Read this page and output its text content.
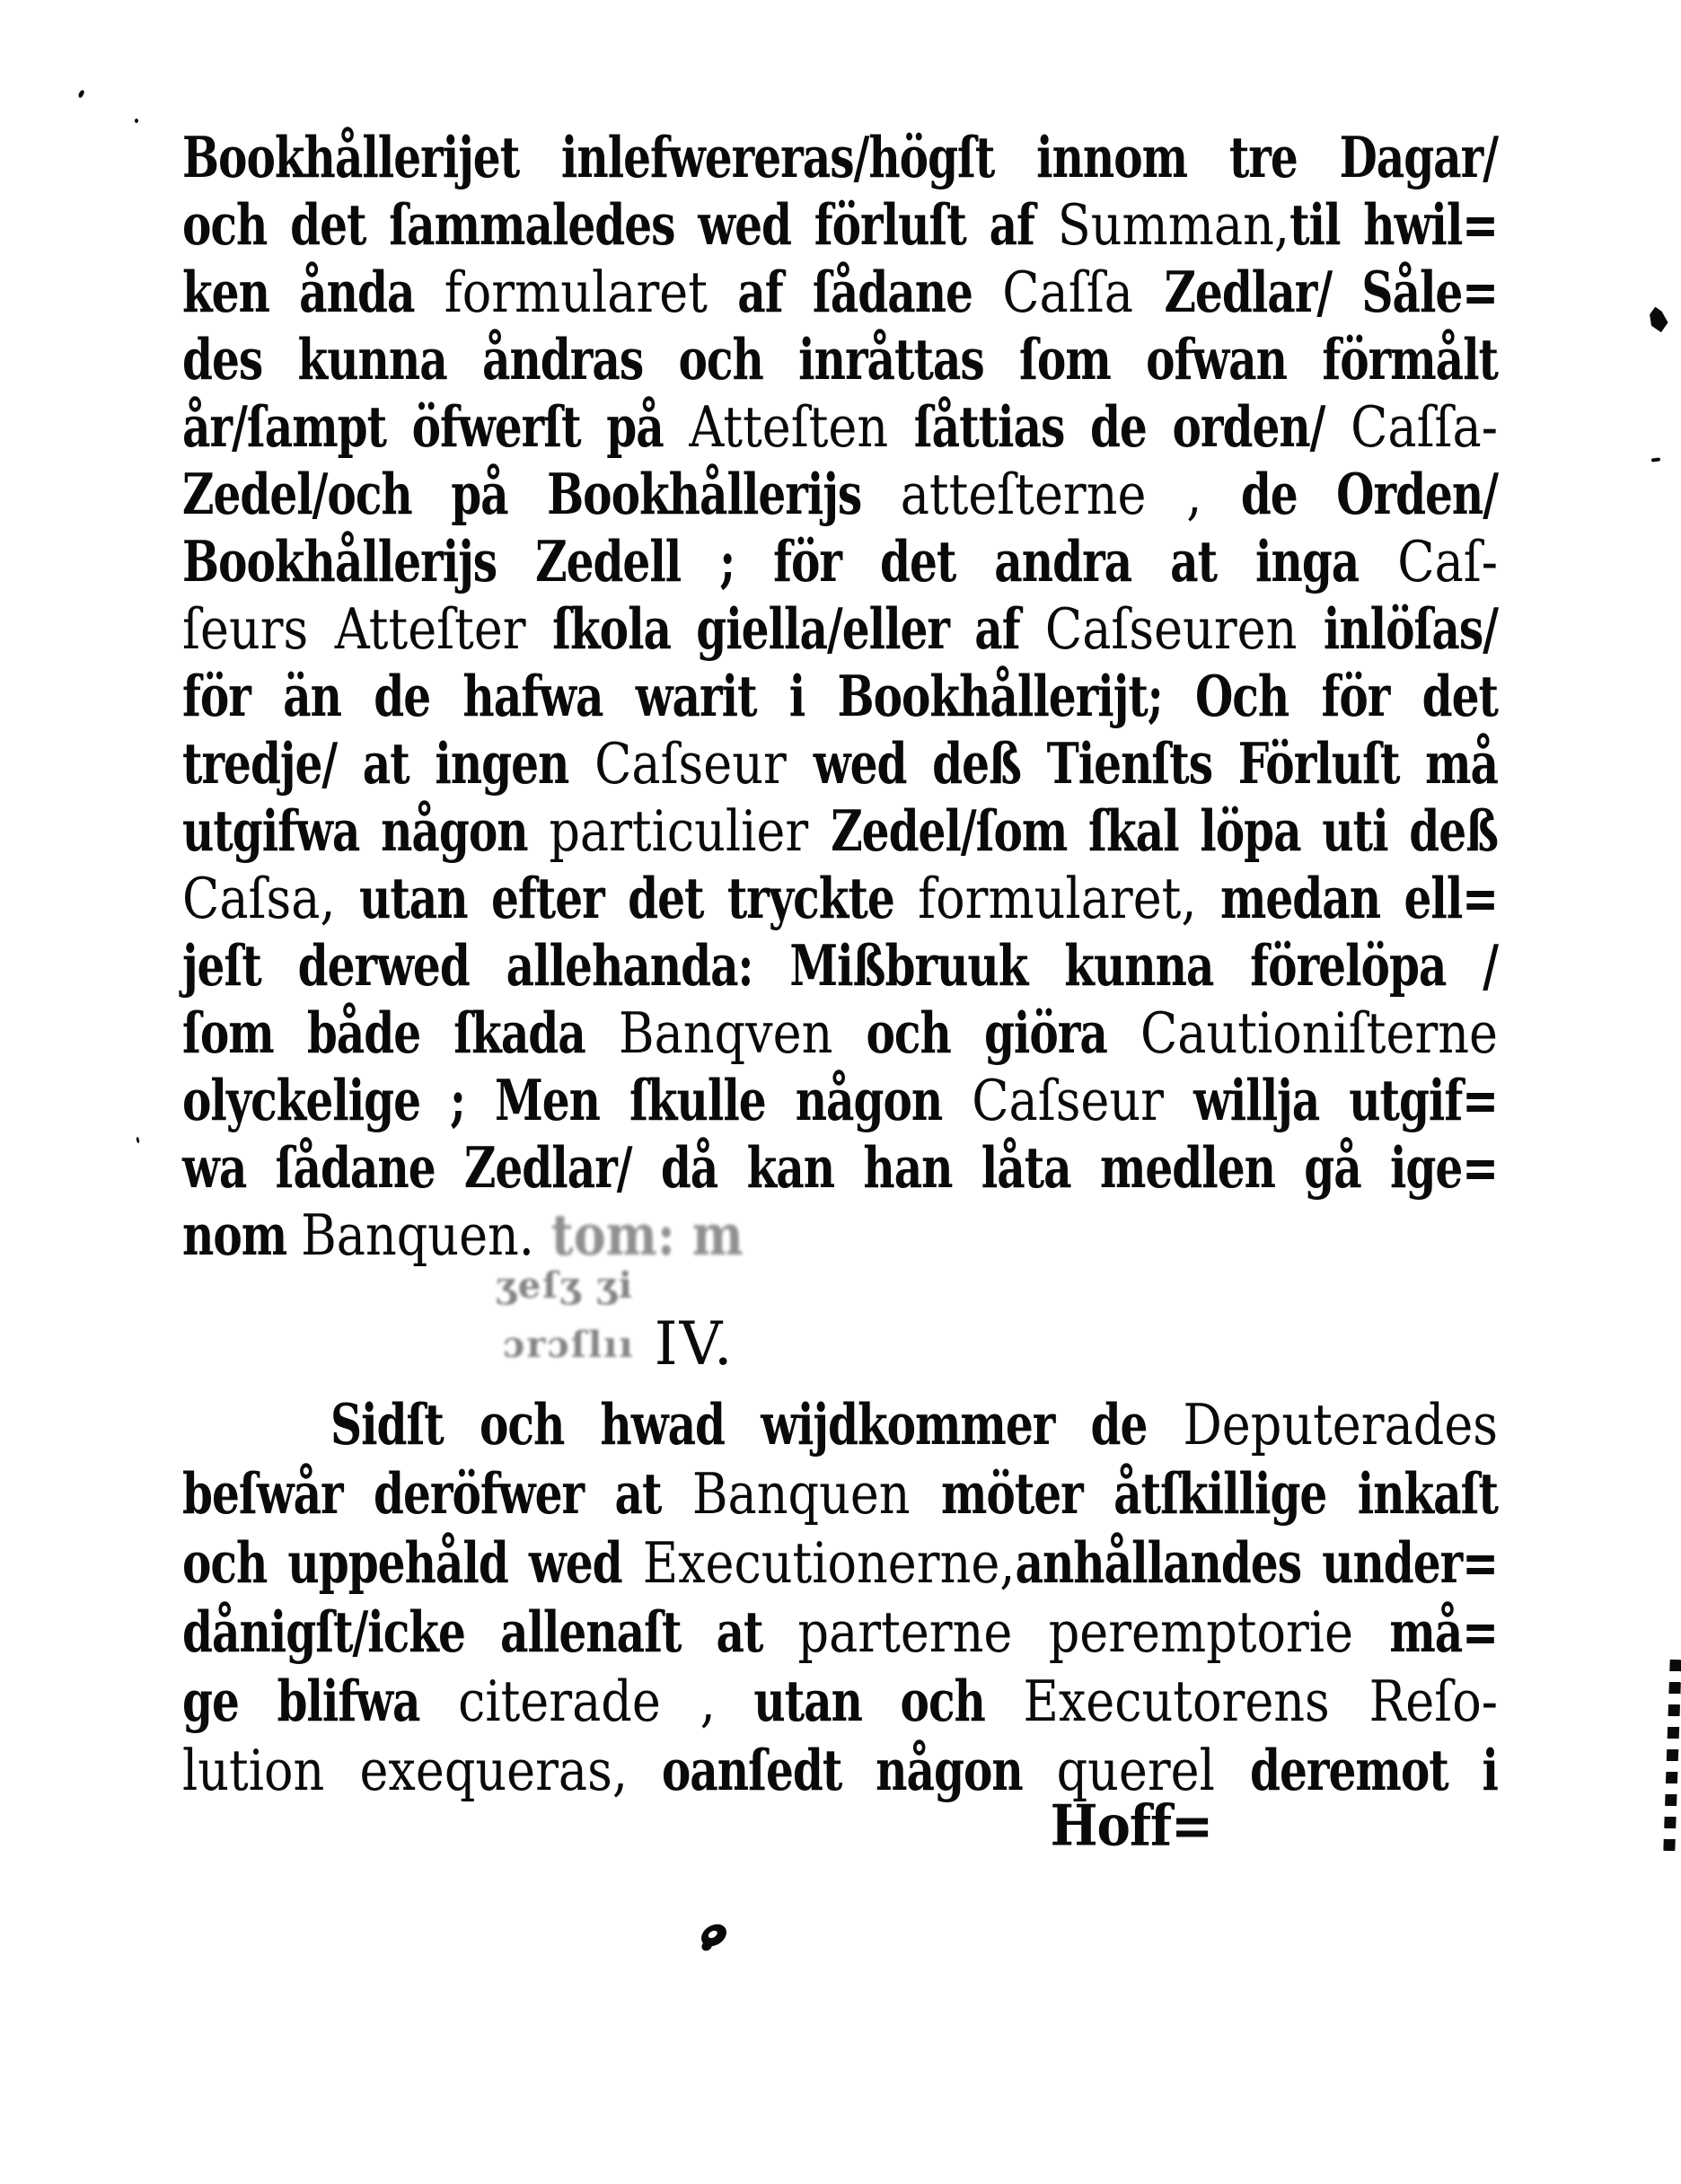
Bookhållerijet inlefwereras/högſt innom tre Dagar/
och det ſammaledes wed förluſt af Summan,til hwil=
ken ånda formularet af ſådane Caſſa Zedlar/ Såle=
des kunna åndras och inråttas ſom ofwan förmålt
år/ſampt öfwerſt på Atteſten ſåttias de orden/ Caſſa-
Zedel/och på Bookhållerijs atteſterne , de Orden/
Bookhållerijs Zedell ; för det andra at inga Caſ-
ſeurs Atteſter ſkola giella/eller af Caſseuren inlöſas/
för än de hafwa warit i Bookhållerijt; Och för det
tredje/ at ingen Caſseur wed deß Tienſts Förluſt må
utgifwa någon particulier Zedel/ſom ſkal löpa uti deß
Caſsa, utan efter det tryckte formularet, medan ell=
jeſt derwed allehanda: Mißbruuk kunna förelöpa /
ſom både ſkada Banqven och giöra Cautioniſterne
olyckelige ; Men ſkulle någon Caſseur willja utgif=
wa ſådane Zedlar/ då kan han låta medlen gå ige=
nom Banquen. tom: m
ʒeſʒ ʒi
ɔrɔſlıı IV.
Sidſt och hwad wijdkommer de Deputerades
beſwår deröfwer at Banquen möter åtſkillige inkaſt
och uppehåld wed Executionerne,anhållandes under=
dånigſt/icke allenaſt at parterne peremptorie må=
ge blifwa citerade , utan och Executorens Reſo-
lution exequeras, oanſedt någon querel deremot i
Hoff=
